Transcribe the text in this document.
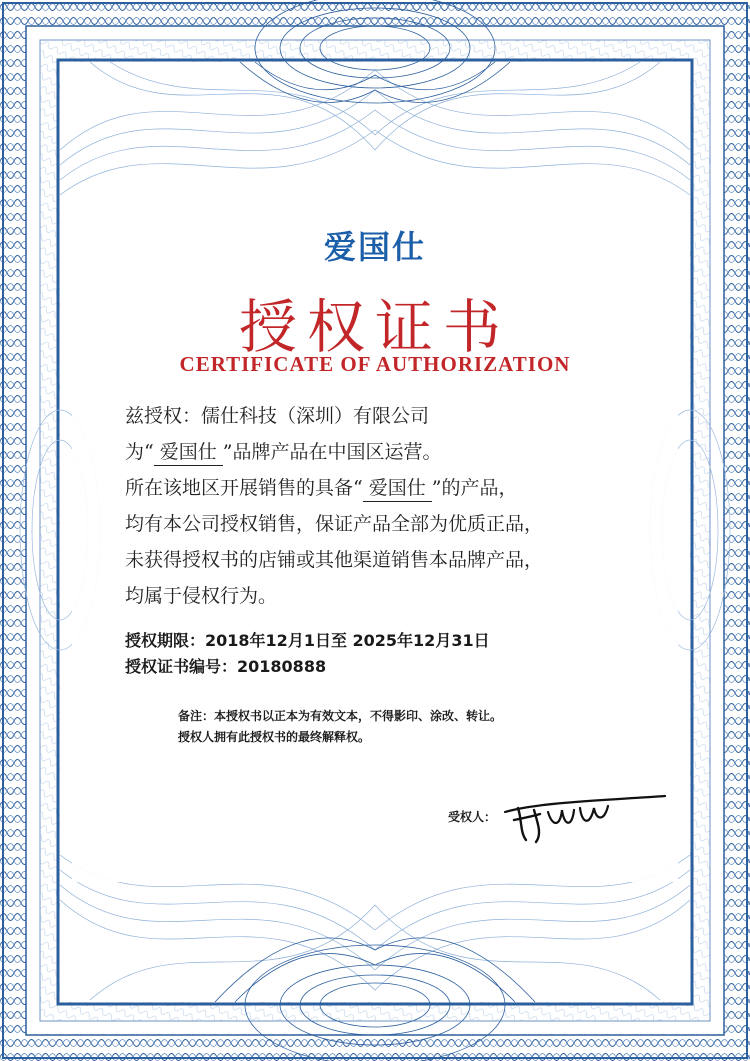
爱国仕
授权证书
CERTIFICATE OF AUTHORIZATION
兹授权：儒仕科技（深圳）有限公司
为“ 爱国仕 ”品牌产品在中国区运营。
所在该地区开展销售的具备“ 爱国仕 ”的产品，
均有本公司授权销售，保证产品全部为优质正品，
未获得授权书的店铺或其他渠道销售本品牌产品，
均属于侵权行为。
授权期限：2018年12月1日至 2025年12月31日
授权证书编号：20180888
备注：本授权书以正本为有效文本，不得影印、涂改、转让。
授权人拥有此授权书的最终解释权。
受权人：
